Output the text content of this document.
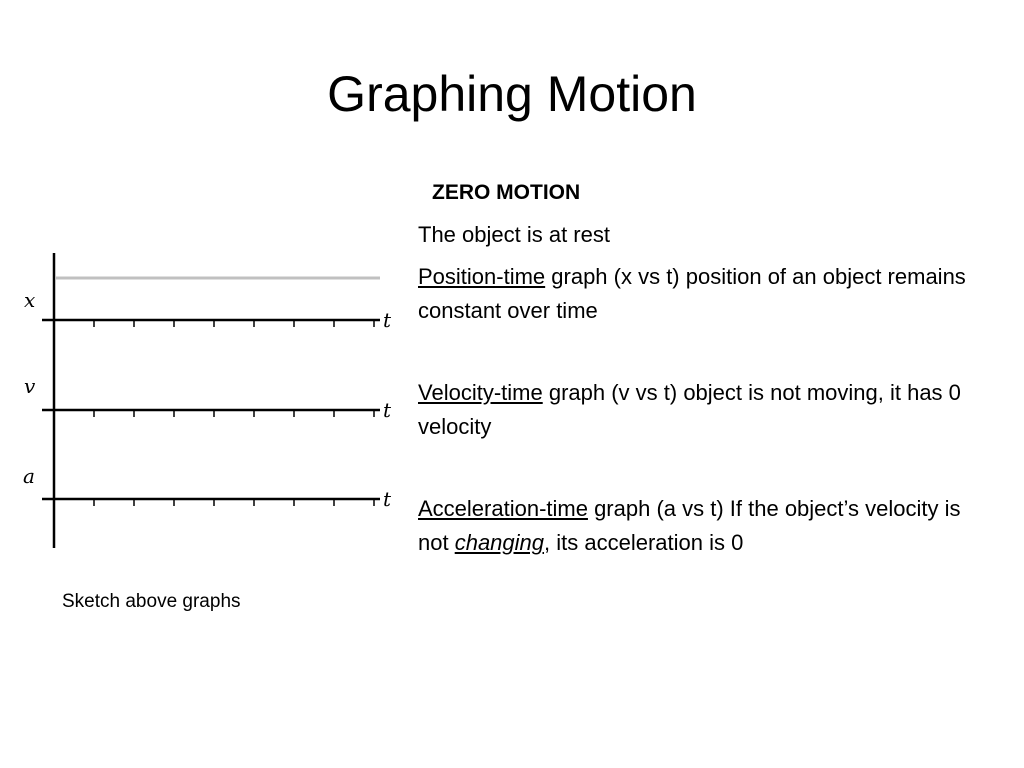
Graphing Motion
x
t
v
t
a
t
Sketch above graphs
ZERO MOTION
The object is at rest
Position-time graph (x vs t) position of an object remains constant over time
Velocity-time graph (v vs t) object is not moving, it has 0 velocity
Acceleration-time graph (a vs t) If the object’s velocity is not changing, its acceleration is 0
